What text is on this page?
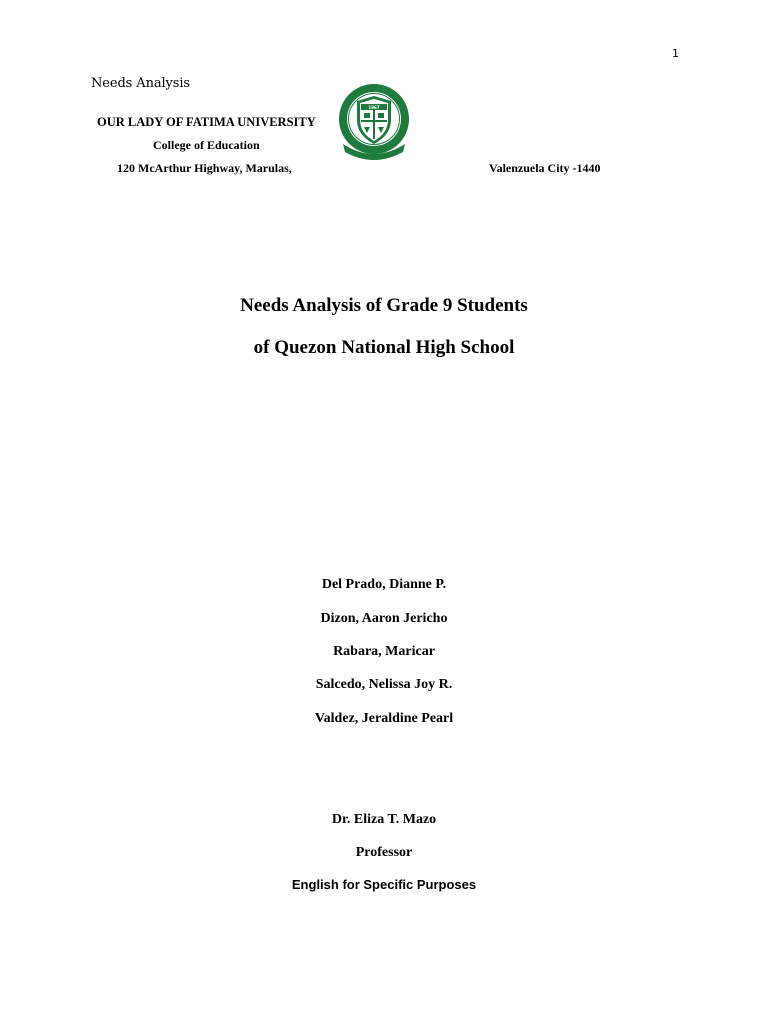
1
Needs Analysis
OUR LADY OF FATIMA UNIVERSITY
College of Education
120 McArthur Highway, Marulas,	Valenzuela City -1440
1967
Needs Analysis of Grade 9 Students
of Quezon National High School
Del Prado, Dianne P.
Dizon, Aaron Jericho
Rabara, Maricar
Salcedo, Nelissa Joy R.
Valdez, Jeraldine Pearl
Dr. Eliza T. Mazo
Professor
English for Specific Purposes
